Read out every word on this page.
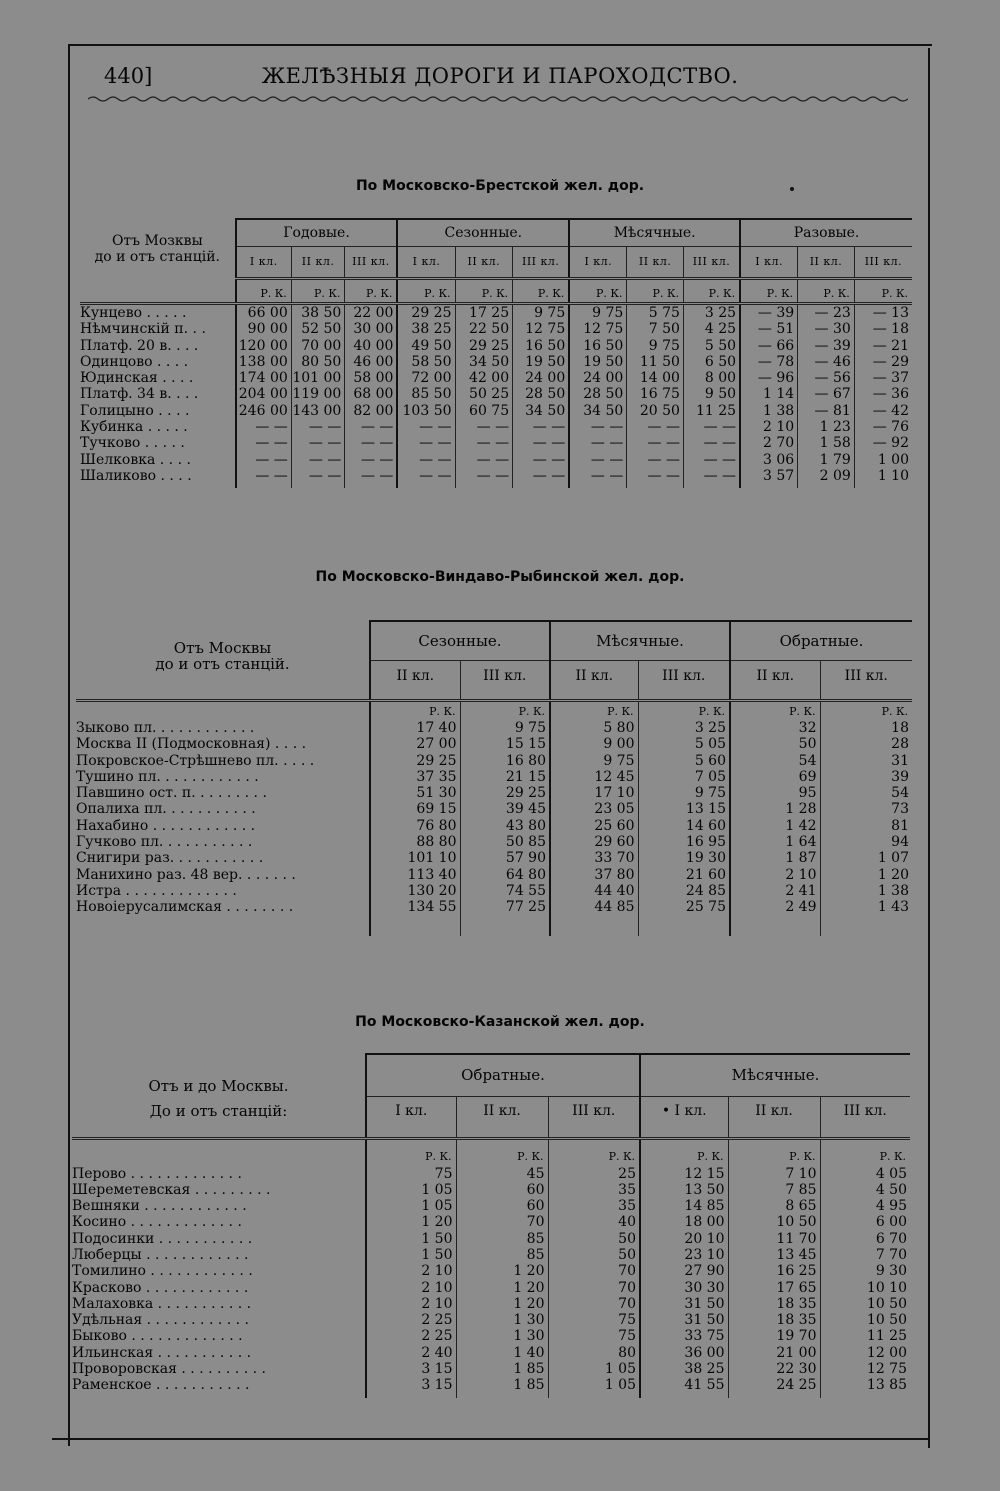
440]	ЖЕЛѢЗНЫЯ ДОРОГИ И ПАРОХОДСТВО.
По Московско-Брестской жел. дор.
Отъ Мозквы
до и отъ станцій.	Годовые.			Сезонные.			Мѣсячные.			Разовые.		
	I кл.	II кл.	III кл.	I кл.	II кл.	III кл.	I кл.	II кл.	III кл.	I кл.	II кл.	III кл.
	Р. К.	Р. К.	Р. К.	Р. К.	Р. К.	Р. К.	Р. К.	Р. К.	Р. К.	Р. К.	Р. К.	Р. К.
Кунцево . . . . .	66 00	38 50	22 00	29 25	17 25	9 75	9 75	5 75	3 25	— 39	— 23	— 13
Нѣмчинскій п. . .	90 00	52 50	30 00	38 25	22 50	12 75	12 75	7 50	4 25	— 51	— 30	— 18
Платф. 20 в. . . .	120 00	70 00	40 00	49 50	29 25	16 50	16 50	9 75	5 50	— 66	— 39	— 21
Одинцово . . . .	138 00	80 50	46 00	58 50	34 50	19 50	19 50	11 50	6 50	— 78	— 46	— 29
Юдинская . . . .	174 00	101 00	58 00	72 00	42 00	24 00	24 00	14 00	8 00	— 96	— 56	— 37
Платф. 34 в. . . .	204 00	119 00	68 00	85 50	50 25	28 50	28 50	16 75	9 50	1 14	— 67	— 36
Голицыно . . . .	246 00	143 00	82 00	103 50	60 75	34 50	34 50	20 50	11 25	1 38	— 81	— 42
Кубинка . . . . .	— —	— —	— —	— —	— —	— —	— —	— —	— —	2 10	1 23	— 76
Тучково . . . . .	— —	— —	— —	— —	— —	— —	— —	— —	— —	2 70	1 58	— 92
Шелковка . . . .	— —	— —	— —	— —	— —	— —	— —	— —	— —	3 06	1 79	1 00
Шаликово . . . .	— —	— —	— —	— —	— —	— —	— —	— —	— —	3 57	2 09	1 10

По Московско-Виндаво-Рыбинской жел. дор.
Отъ Москвы
до и отъ станцій.	Сезонные.		Мѣсячные.		Обратные.	
	II кл.	III кл.	II кл.	III кл.	II кл.	III кл.

	Р. К.	Р. К.	Р. К.	Р. К.	Р. К.	Р. К.
Зыково пл. . . . . . . . . . . .	17 40	9 75	5 80	3 25	32	18
Москва II (Подмосковная) . . . .	27 00	15 15	9 00	5 05	50	28
Покровское-Стрѣшнево пл. . . . .	29 25	16 80	9 75	5 60	54	31
Тушино пл. . . . . . . . . . . .	37 35	21 15	12 45	7 05	69	39
Павшино ост. п. . . . . . . . .	51 30	29 25	17 10	9 75	95	54
Опалиха пл. . . . . . . . . . .	69 15	39 45	23 05	13 15	1 28	73
Нахабино . . . . . . . . . . . .	76 80	43 80	25 60	14 60	1 42	81
Гучково пл. . . . . . . . . . .	88 80	50 85	29 60	16 95	1 64	94
Снигири раз. . . . . . . . . . .	101 10	57 90	33 70	19 30	1 87	1 07
Манихино раз. 48 вер. . . . . . .	113 40	64 80	37 80	21 60	2 10	1 20
Истра . . . . . . . . . . . . .	130 20	74 55	44 40	24 85	2 41	1 38
Новоіерусалимская . . . . . . . .	134 55	77 25	44 85	25 75	2 49	1 43

По Московско-Казанской жел. дор.
Отъ и до Москвы.	Обратные.			Мѣсячные.		
До и отъ станцій:	I кл.	II кл.	III кл.	• I кл.	II кл.	III кл.

	Р. К.	Р. К.	Р. К.	Р. К.	Р. К.	Р. К.
Перово . . . . . . . . . . . . .	75	45	25	12 15	7 10	4 05
Шереметевская . . . . . . . . .	1 05	60	35	13 50	7 85	4 50
Вешняки . . . . . . . . . . . .	1 05	60	35	14 85	8 65	4 95
Косино . . . . . . . . . . . . .	1 20	70	40	18 00	10 50	6 00
Подосинки . . . . . . . . . . .	1 50	85	50	20 10	11 70	6 70
Люберцы . . . . . . . . . . . .	1 50	85	50	23 10	13 45	7 70
Томилино . . . . . . . . . . . .	2 10	1 20	70	27 90	16 25	9 30
Красково . . . . . . . . . . . .	2 10	1 20	70	30 30	17 65	10 10
Малаховка . . . . . . . . . . .	2 10	1 20	70	31 50	18 35	10 50
Удѣльная . . . . . . . . . . . .	2 25	1 30	75	31 50	18 35	10 50
Быково . . . . . . . . . . . . .	2 25	1 30	75	33 75	19 70	11 25
Ильинская . . . . . . . . . . .	2 40	1 40	80	36 00	21 00	12 00
Проворовская . . . . . . . . . .	3 15	1 85	1 05	38 25	22 30	12 75
Раменское . . . . . . . . . . .	3 15	1 85	1 05	41 55	24 25	13 85
